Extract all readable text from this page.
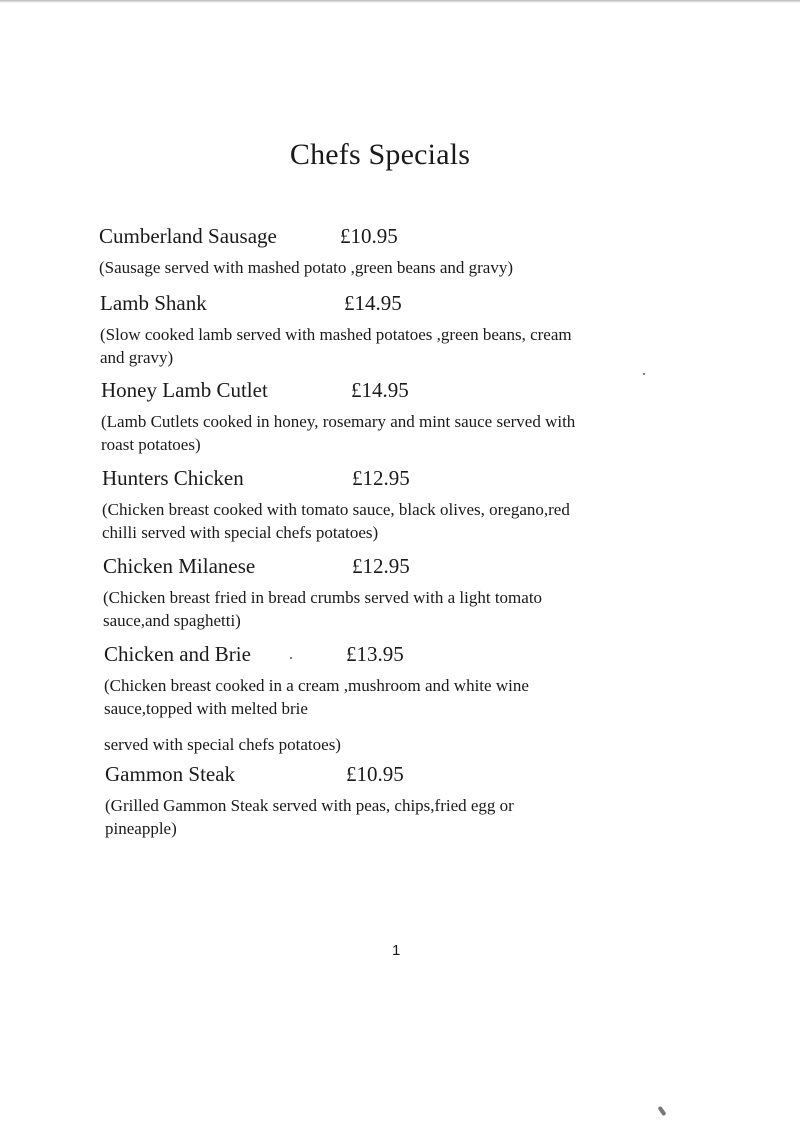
Chefs Specials
Cumberland Sausage	£10.95
(Sausage served with mashed potato ,green beans and gravy)
Lamb Shank	£14.95
(Slow cooked lamb served with mashed potatoes ,green beans, cream
and gravy)
Honey Lamb Cutlet	£14.95
(Lamb Cutlets cooked in honey, rosemary and mint sauce served with
roast potatoes)
Hunters Chicken	£12.95
(Chicken breast cooked with tomato sauce, black olives, oregano,red
chilli served with special chefs potatoes)
Chicken Milanese	£12.95
(Chicken breast fried in bread crumbs served with a light tomato
sauce,and spaghetti)
Chicken and Brie	£13.95
(Chicken breast cooked in a cream ,mushroom and white wine
sauce,topped with melted brie
served with special chefs potatoes)
Gammon Steak	£10.95
(Grilled Gammon Steak served with peas, chips,fried egg or
pineapple)
1
